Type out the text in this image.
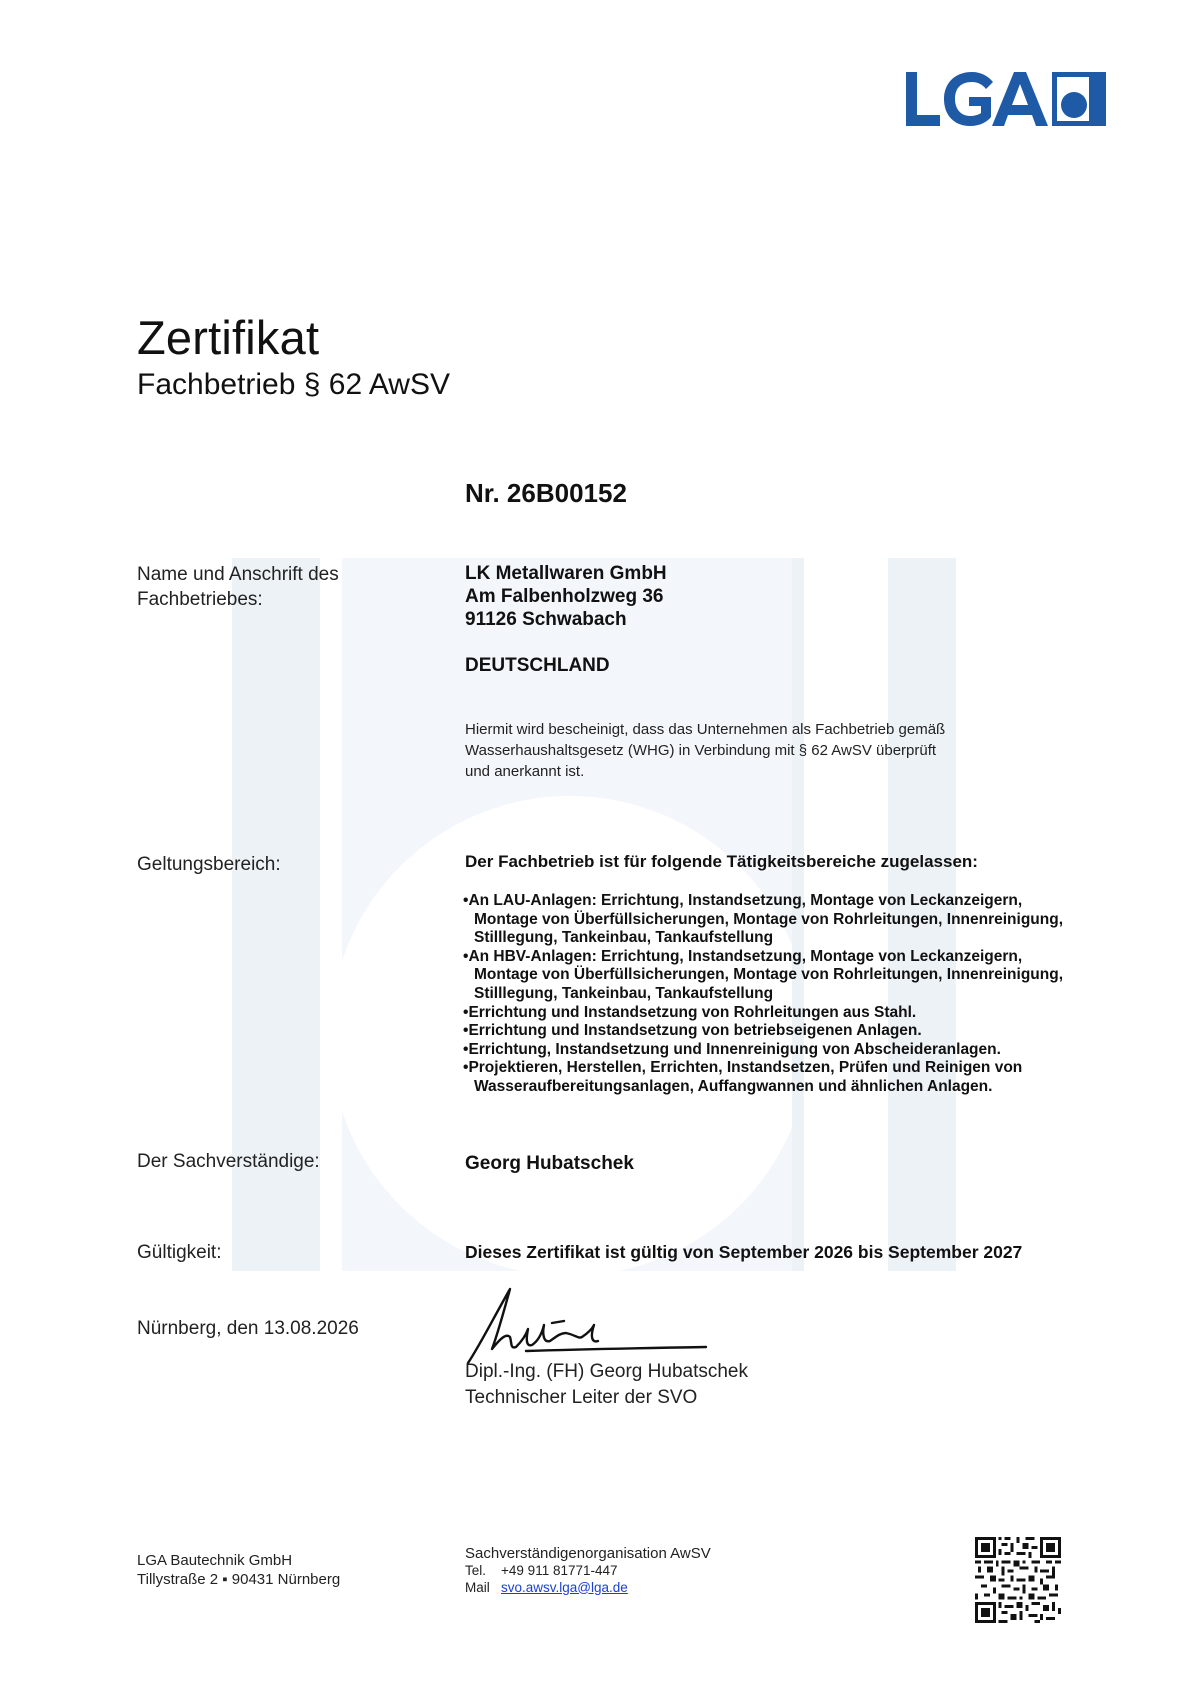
Zertifikat
Fachbetrieb § 62 AwSV
Nr. 26B00152
Name und Anschrift des
Fachbetriebes:
LK Metallwaren GmbH
Am Falbenholzweg 36
91126 Schwabach
DEUTSCHLAND
Hiermit wird bescheinigt, dass das Unternehmen als Fachbetrieb gemäß
Wasserhaushaltsgesetz (WHG) in Verbindung mit § 62 AwSV überprüft
und anerkannt ist.
Geltungsbereich:	Der Fachbetrieb ist für folgende Tätigkeitsbereiche zugelassen:
• An LAU-Anlagen: Errichtung, Instandsetzung, Montage von Leckanzeigern, Montage von Überfüllsicherungen, Montage von Rohrleitungen, Innenreinigung, Stilllegung, Tankeinbau, Tankaufstellung
• An HBV-Anlagen: Errichtung, Instandsetzung, Montage von Leckanzeigern, Montage von Überfüllsicherungen, Montage von Rohrleitungen, Innenreinigung, Stilllegung, Tankeinbau, Tankaufstellung
• Errichtung und Instandsetzung von Rohrleitungen aus Stahl.
• Errichtung und Instandsetzung von betriebseigenen Anlagen.
• Errichtung, Instandsetzung und Innenreinigung von Abscheideranlagen.
• Projektieren, Herstellen, Errichten, Instandsetzen, Prüfen und Reinigen von Wasseraufbereitungsanlagen, Auffangwannen und ähnlichen Anlagen.
Der Sachverständige:	Georg Hubatschek
Gültigkeit:	Dieses Zertifikat ist gültig von September 2026 bis September 2027
Nürnberg, den 13.08.2026
Dipl.-Ing. (FH) Georg Hubatschek
Technischer Leiter der SVO
LGA Bautechnik GmbH
Tillystraße 2 ▪ 90431 Nürnberg
Sachverständigenorganisation AwSV
Tel. +49 911 81771-447
Mail svo.awsv.lga@lga.de
